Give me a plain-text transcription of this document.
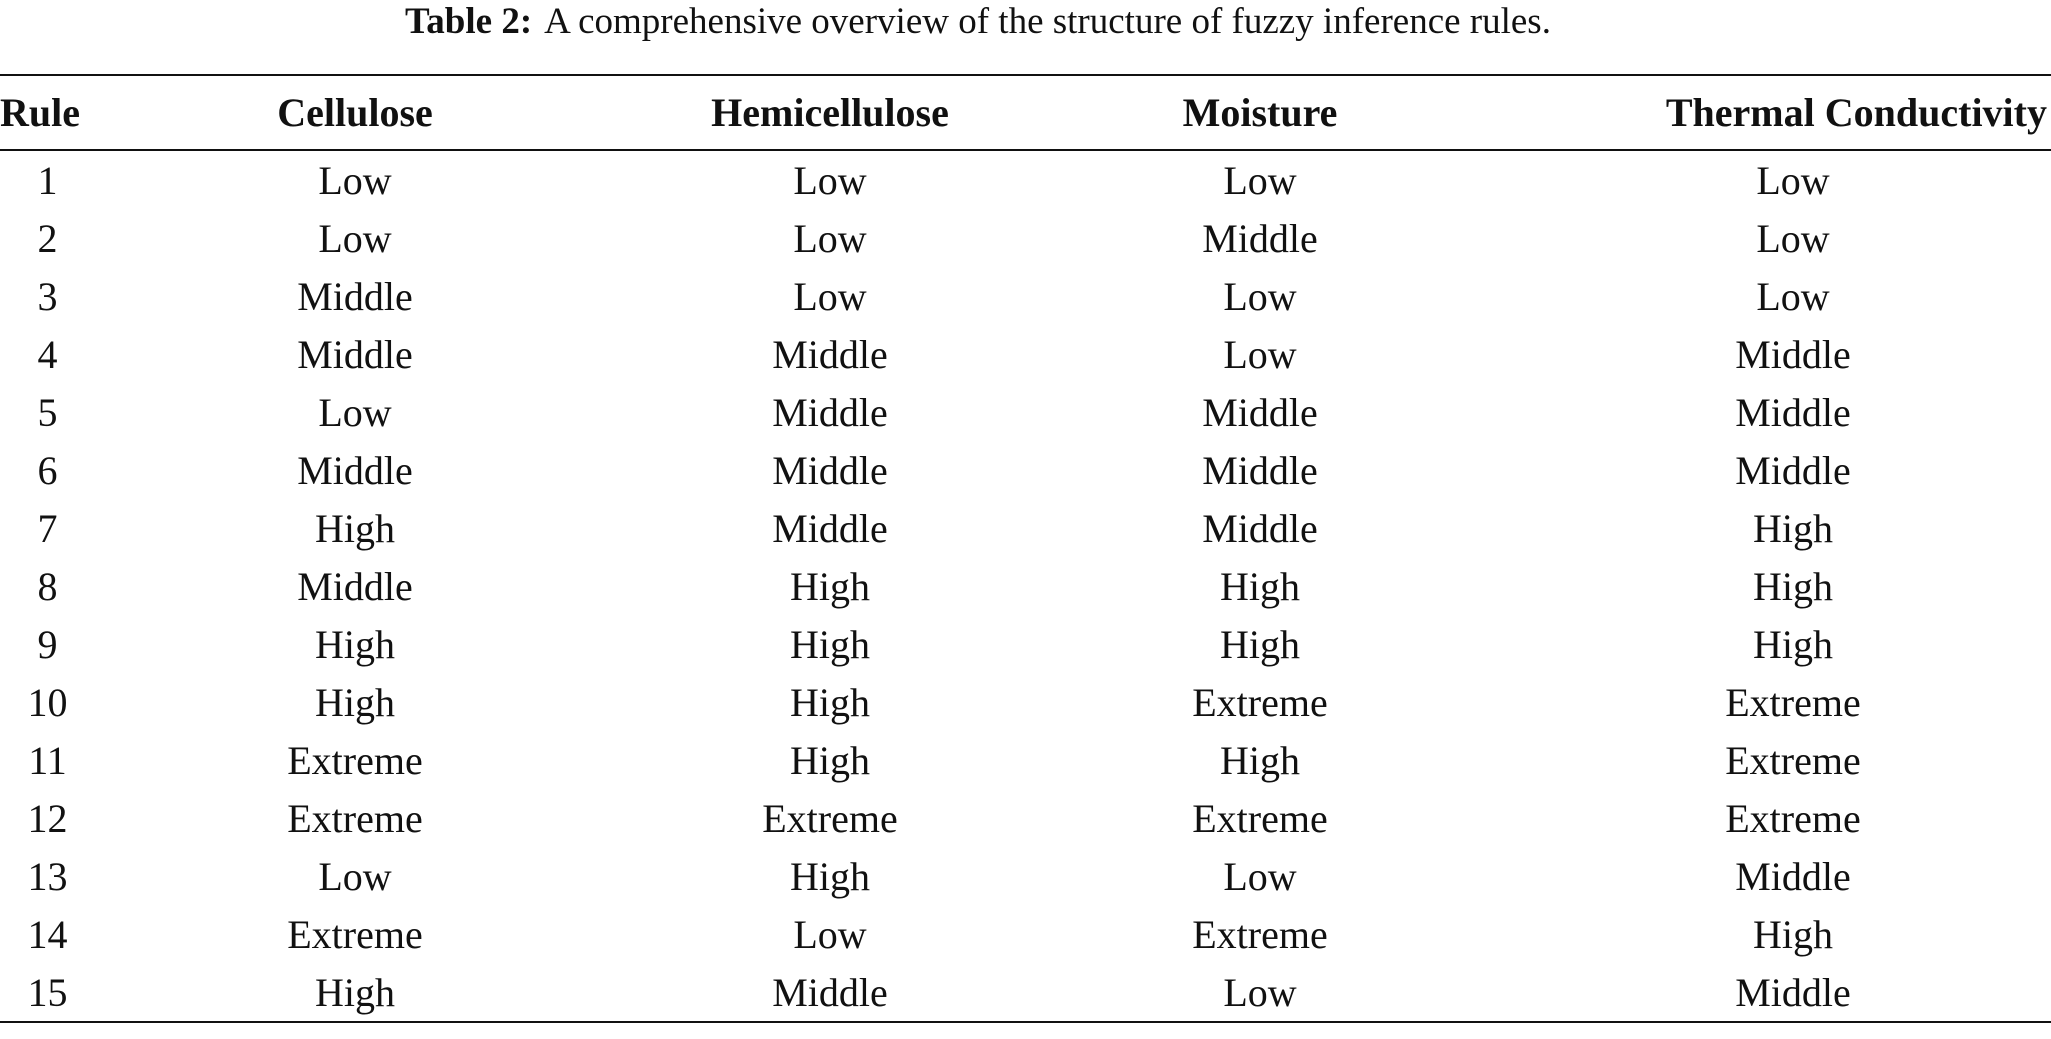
Table 2: A comprehensive overview of the structure of fuzzy inference rules.
Rule	Cellulose	Hemicellulose	Moisture	Thermal Conductivity
1	Low	Low	Low	Low
2	Low	Low	Middle	Low
3	Middle	Low	Low	Low
4	Middle	Middle	Low	Middle
5	Low	Middle	Middle	Middle
6	Middle	Middle	Middle	Middle
7	High	Middle	Middle	High
8	Middle	High	High	High
9	High	High	High	High
10	High	High	Extreme	Extreme
11	Extreme	High	High	Extreme
12	Extreme	Extreme	Extreme	Extreme
13	Low	High	Low	Middle
14	Extreme	Low	Extreme	High
15	High	Middle	Low	Middle
